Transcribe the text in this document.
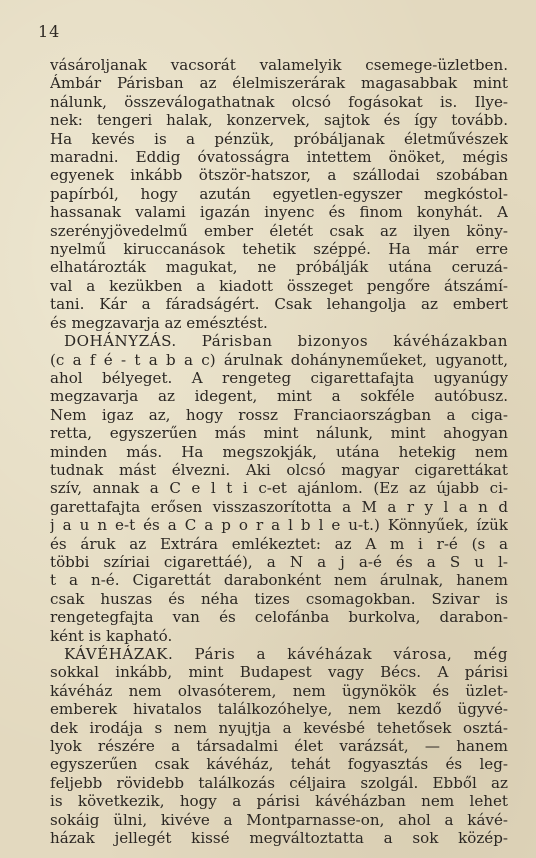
14
vásároljanak vacsorát valamelyik csemege-üzletben.
Ámbár Párisban az élelmiszerárak magasabbak mint
nálunk, összeválogathatnak olcsó fogásokat is. Ilye-
nek: tengeri halak, konzervek, sajtok és így tovább.
Ha kevés is a pénzük, próbáljanak életművészek
maradni. Eddig óvatosságra intettem önöket, mégis
egyenek inkább ötször-hatszor, a szállodai szobában
papírból, hogy azután egyetlen-egyszer megkóstol-
hassanak valami igazán inyenc és finom konyhát. A
szerényjövedelmű ember életét csak az ilyen köny-
nyelmű kiruccanások tehetik széppé. Ha már erre
elhatározták magukat, ne próbálják utána ceruzá-
val a kezükben a kiadott összeget pengőre átszámí-
tani. Kár a fáradságért. Csak lehangolja az embert
és megzavarja az emésztést.
DOHÁNYZÁS. Párisban bizonyos kávéházakban
(c a f é - t a b a c) árulnak dohányneműeket, ugyanott,
ahol bélyeget. A rengeteg cigarettafajta ugyanúgy
megzavarja az idegent, mint a sokféle autóbusz.
Nem igaz az, hogy rossz Franciaországban a ciga-
retta, egyszerűen más mint nálunk, mint ahogyan
minden más. Ha megszokják, utána hetekig nem
tudnak mást élvezni. Aki olcsó magyar cigarettákat
szív, annak a C e l t i c-et ajánlom. (Ez az újabb ci-
garettafajta erősen visszaszorította a M a r y l a n d
j a u n e-t és a C a p o r a l b l e u-t.) Könnyűek, ízük
és áruk az Extrára emlékeztet: az A m i r-é (s a
többi szíriai cigarettáé), a N a j a-é és a S u l-
t a n-é. Cigarettát darabonként nem árulnak, hanem
csak huszas és néha tizes csomagokban. Szivar is
rengetegfajta van és celofánba burkolva, darabon-
ként is kapható.
KÁVÉHÁZAK. Páris a kávéházak városa, még
sokkal inkább, mint Budapest vagy Bécs. A párisi
kávéház nem olvasóterem, nem ügynökök és üzlet-
emberek hivatalos találkozóhelye, nem kezdő ügyvé-
dek irodája s nem nyujtja a kevésbé tehetősek osztá-
lyok részére a társadalmi élet varázsát, — hanem
egyszerűen csak kávéház, tehát fogyasztás és leg-
feljebb rövidebb találkozás céljaira szolgál. Ebből az
is következik, hogy a párisi kávéházban nem lehet
sokáig ülni, kivéve a Montparnasse-on, ahol a kávé-
házak jellegét kissé megváltoztatta a sok közép-
